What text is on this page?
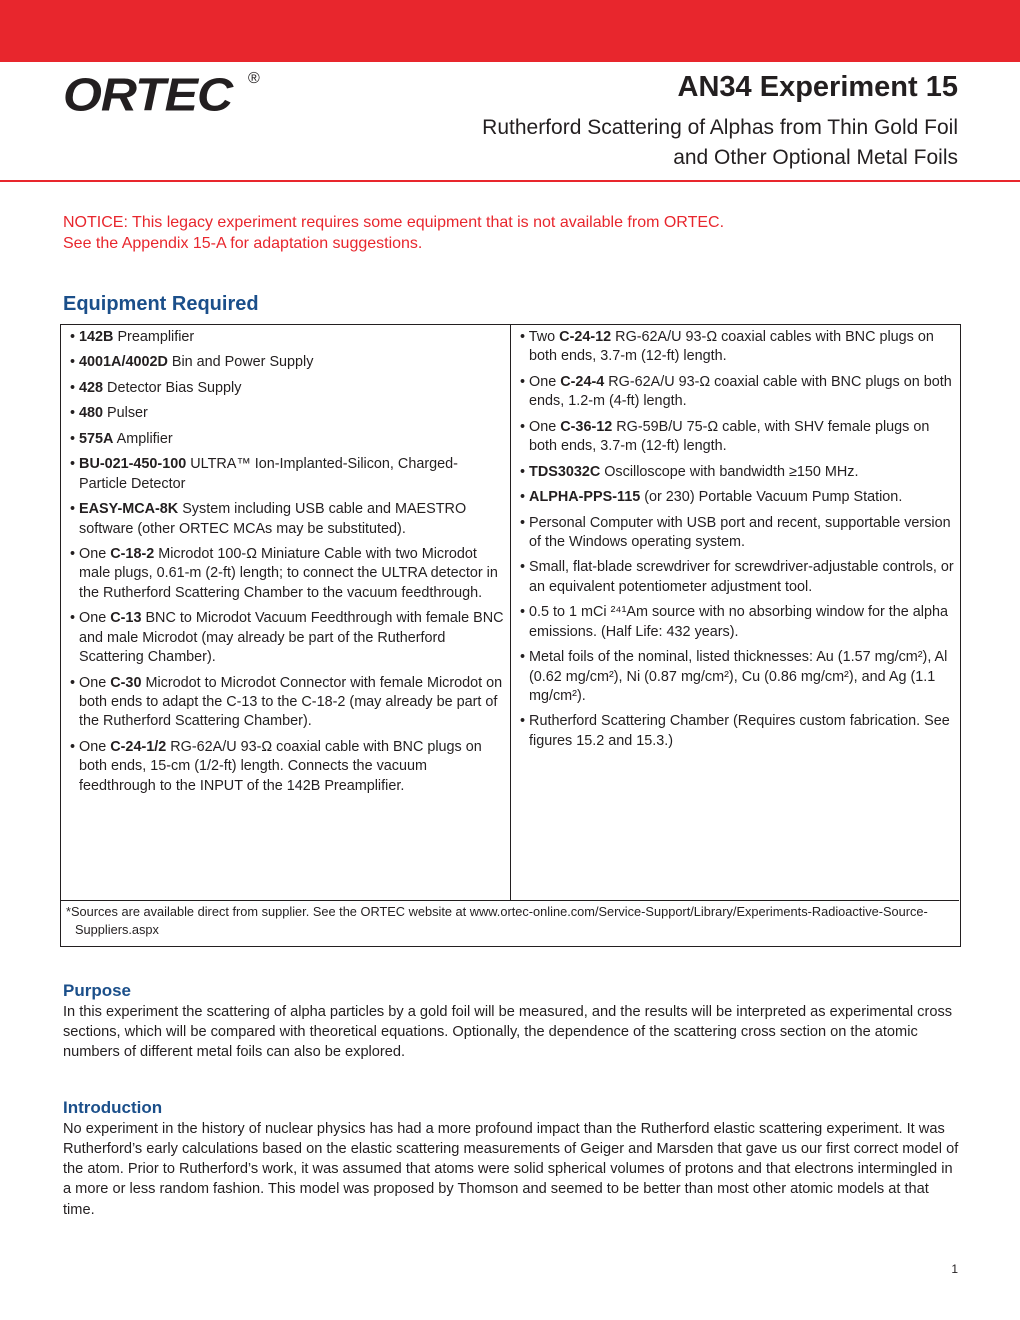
ORTEC ®	AN34 Experiment 15
Rutherford Scattering of Alphas from Thin Gold Foil
and Other Optional Metal Foils
NOTICE: This legacy experiment requires some equipment that is not available from ORTEC.
See the Appendix 15-A for adaptation suggestions.
Equipment Required
• 142B Preamplifier
• 4001A/4002D Bin and Power Supply
• 428 Detector Bias Supply
• 480 Pulser
• 575A Amplifier
• BU-021-450-100 ULTRA™ Ion-Implanted-Silicon, Charged-Particle Detector
• EASY-MCA-8K System including USB cable and MAESTRO software (other ORTEC MCAs may be substituted).
• One C-18-2 Microdot 100-Ω Miniature Cable with two Microdot male plugs, 0.61-m (2-ft) length; to connect the ULTRA detector in the Rutherford Scattering Chamber to the vacuum feedthrough.
• One C-13 BNC to Microdot Vacuum Feedthrough with female BNC and male Microdot (may already be part of the Rutherford Scattering Chamber).
• One C-30 Microdot to Microdot Connector with female Microdot on both ends to adapt the C-13 to the C-18-2 (may already be part of the Rutherford Scattering Chamber).
• One C-24-1/2 RG-62A/U 93-Ω coaxial cable with BNC plugs on both ends, 15-cm (1/2-ft) length. Connects the vacuum feedthrough to the INPUT of the 142B Preamplifier.
• Two C-24-12 RG-62A/U 93-Ω coaxial cables with BNC plugs on both ends, 3.7-m (12-ft) length.
• One C-24-4 RG-62A/U 93-Ω coaxial cable with BNC plugs on both ends, 1.2-m (4-ft) length.
• One C-36-12 RG-59B/U 75-Ω cable, with SHV female plugs on both ends, 3.7-m (12-ft) length.
• TDS3032C Oscilloscope with bandwidth ≥150 MHz.
• ALPHA-PPS-115 (or 230) Portable Vacuum Pump Station.
• Personal Computer with USB port and recent, supportable version of the Windows operating system.
• Small, flat-blade screwdriver for screwdriver-adjustable controls, or an equivalent potentiometer adjustment tool.
• 0.5 to 1 mCi ²⁴¹Am source with no absorbing window for the alpha emissions. (Half Life: 432 years).
• Metal foils of the nominal, listed thicknesses: Au (1.57 mg/cm²), Al (0.62 mg/cm²), Ni (0.87 mg/cm²), Cu (0.86 mg/cm²), and Ag (1.1 mg/cm²).
• Rutherford Scattering Chamber (Requires custom fabrication. See figures 15.2 and 15.3.)
*Sources are available direct from supplier. See the ORTEC website at www.ortec-online.com/Service-Support/Library/Experiments-Radioactive-Source-Suppliers.aspx
Purpose

In this experiment the scattering of alpha particles by a gold foil will be measured, and the results will be interpreted as experimental cross sections, which will be compared with theoretical equations. Optionally, the dependence of the scattering cross section on the atomic numbers of different metal foils can also be explored.

Introduction

No experiment in the history of nuclear physics has had a more profound impact than the Rutherford elastic scattering experiment. It was Rutherford’s early calculations based on the elastic scattering measurements of Geiger and Marsden that gave us our first correct model of the atom. Prior to Rutherford’s work, it was assumed that atoms were solid spherical volumes of protons and that electrons intermingled in a more or less random fashion. This model was proposed by Thomson and seemed to be better than most other atomic models at that time.

1
